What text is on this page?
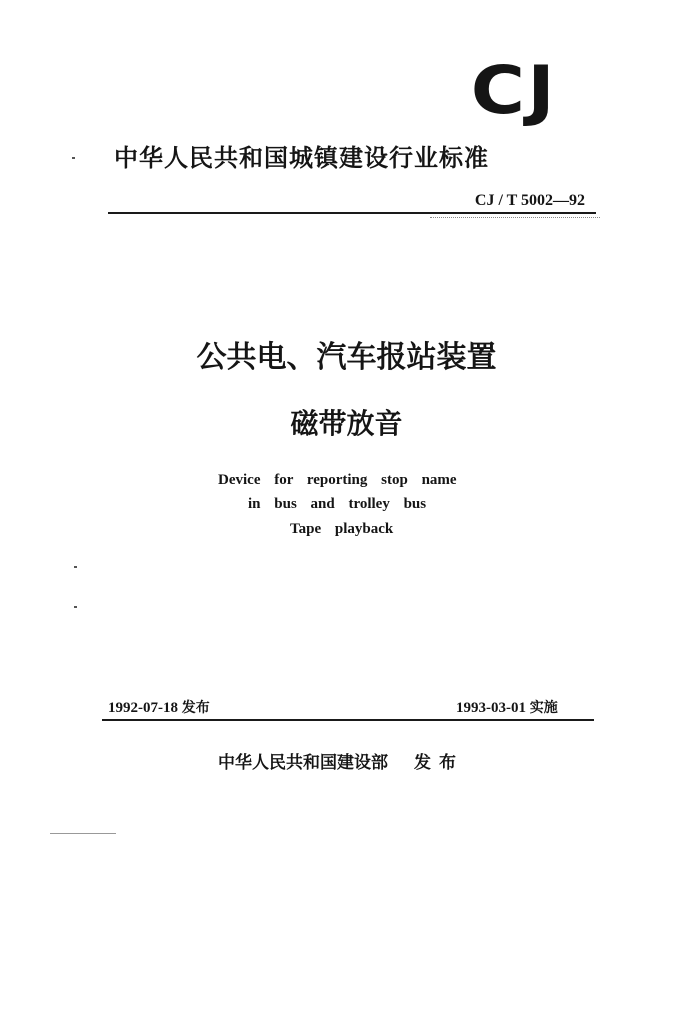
CJ
中华人民共和国城镇建设行业标准
CJ / T 5002—92
公共电、汽车报站装置
磁带放音
Device for reporting stop name
in bus and trolley bus
Tape playback
1992-07-18 发布	1993-03-01 实施
中华人民共和国建设部 发布
